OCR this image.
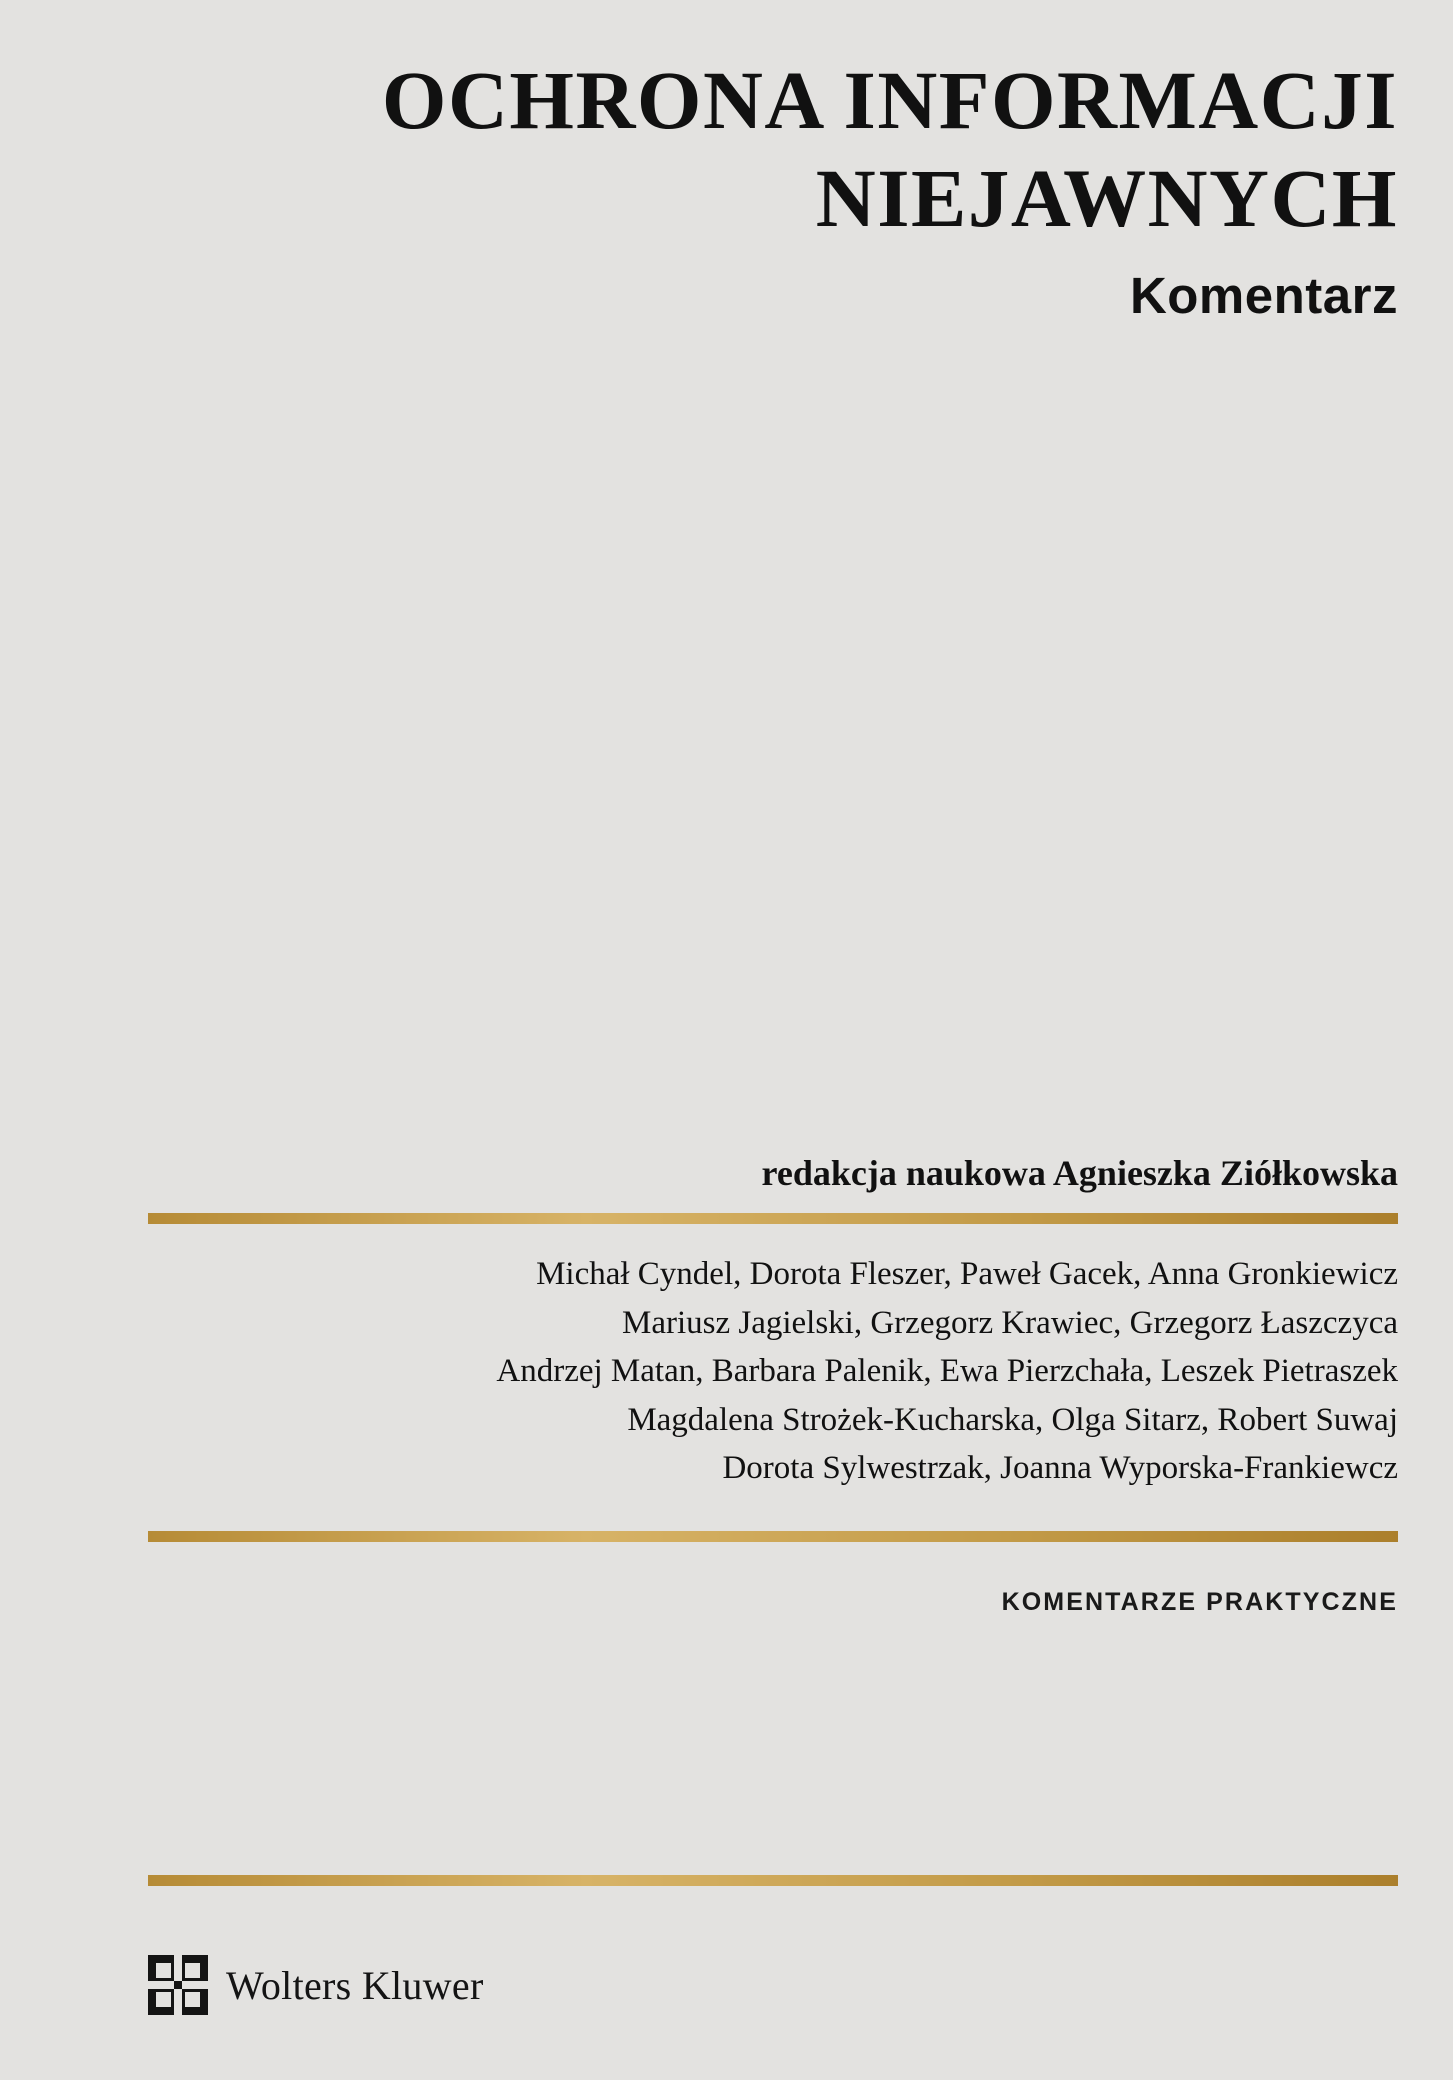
OCHRONA INFORMACJI
NIEJAWNYCH
Komentarz
redakcja naukowa Agnieszka Ziółkowska
Michał Cyndel, Dorota Fleszer, Paweł Gacek, Anna Gronkiewicz
Mariusz Jagielski, Grzegorz Krawiec, Grzegorz Łaszczyca
Andrzej Matan, Barbara Palenik, Ewa Pierzchała, Leszek Pietraszek
Magdalena Strożek-Kucharska, Olga Sitarz, Robert Suwaj
Dorota Sylwestrzak, Joanna Wyporska-Frankiewcz
KOMENTARZE PRAKTYCZNE
Wolters Kluwer
